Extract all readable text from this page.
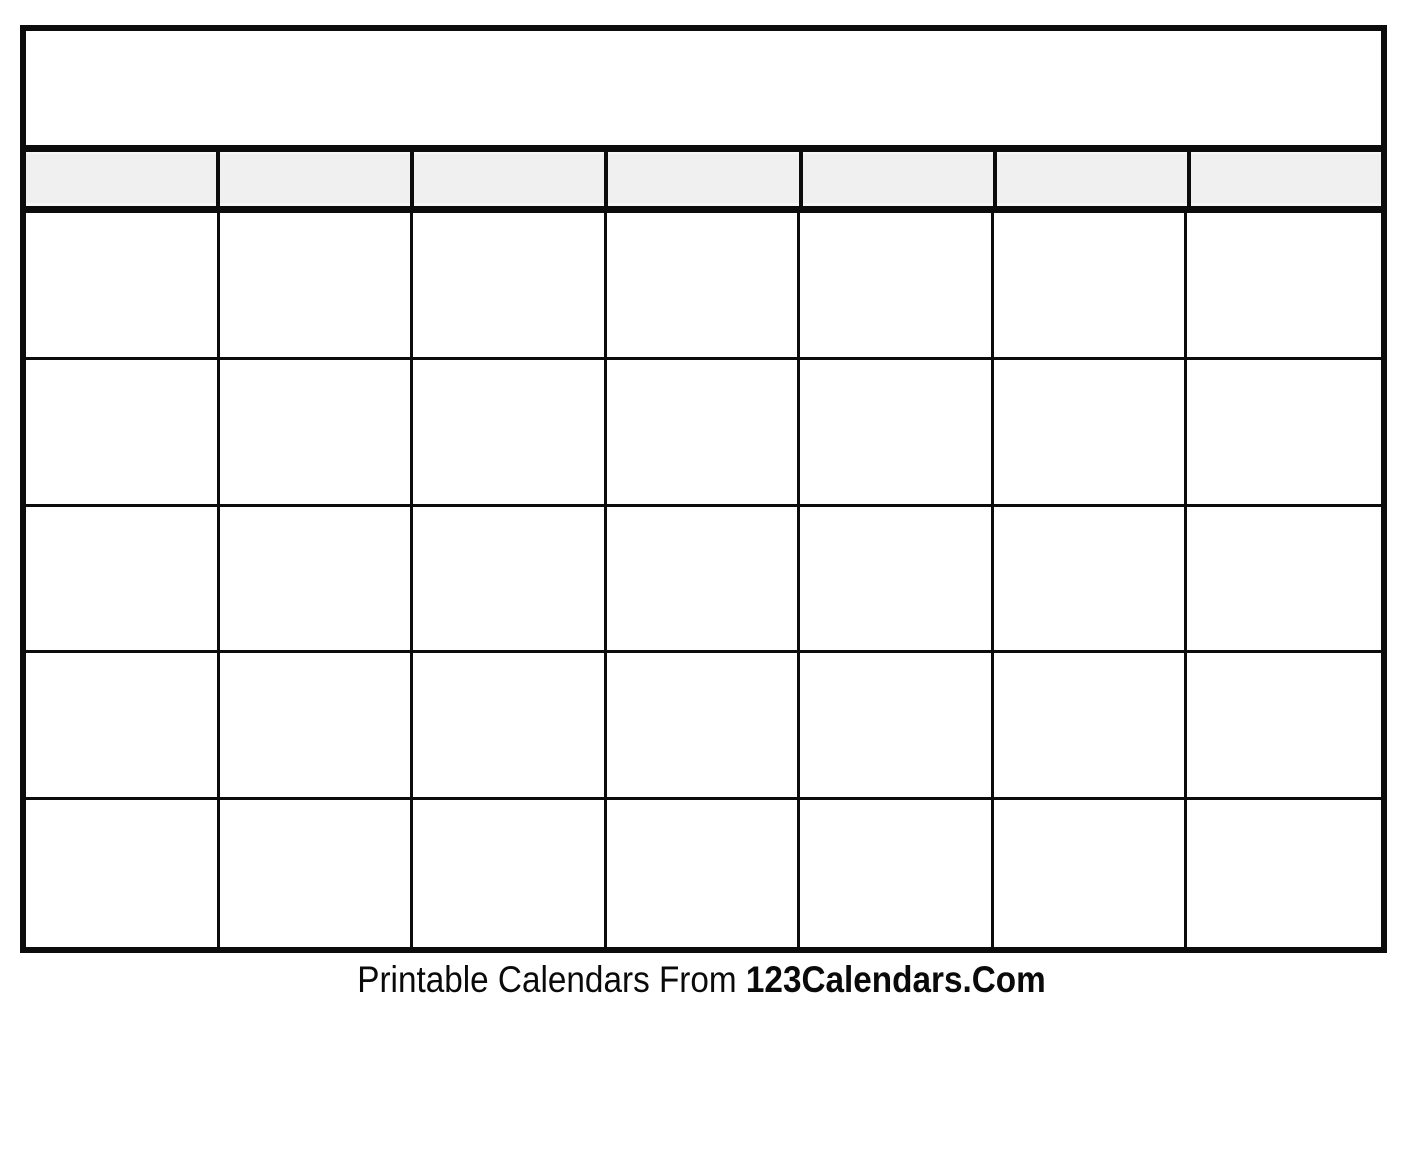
Printable Calendars From 123Calendars.Com
